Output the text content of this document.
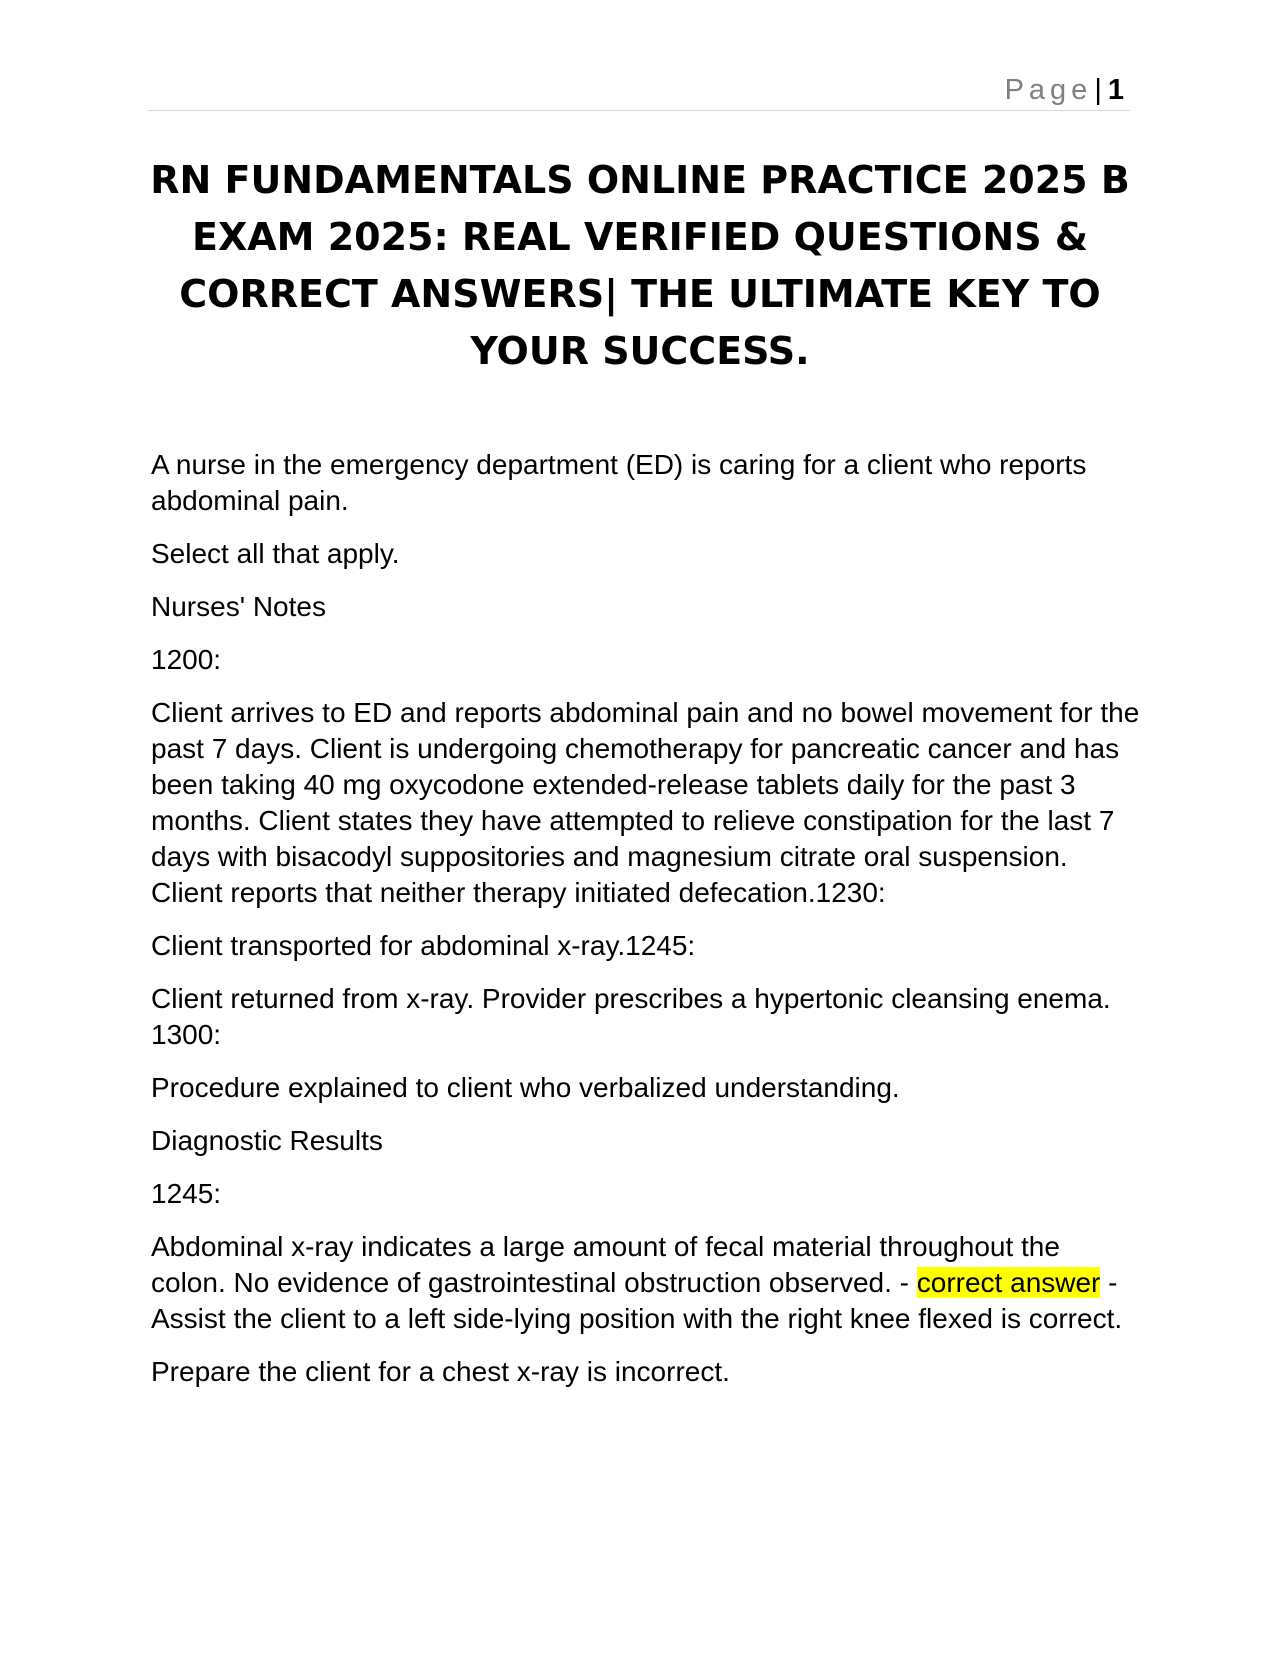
Page| 1
RN FUNDAMENTALS ONLINE PRACTICE 2025 B EXAM 2025: REAL VERIFIED QUESTIONS & CORRECT ANSWERS| THE ULTIMATE KEY TO YOUR SUCCESS.

A nurse in the emergency department (ED) is caring for a client who reports abdominal pain.

Select all that apply.

Nurses' Notes

1200:

Client arrives to ED and reports abdominal pain and no bowel movement for the past 7 days. Client is undergoing chemotherapy for pancreatic cancer and has been taking 40 mg oxycodone extended-release tablets daily for the past 3 months. Client states they have attempted to relieve constipation for the last 7 days with bisacodyl suppositories and magnesium citrate oral suspension. Client reports that neither therapy initiated defecation.1230:

Client transported for abdominal x-ray.1245:

Client returned from x-ray. Provider prescribes a hypertonic cleansing enema. 1300:

Procedure explained to client who verbalized understanding.

Diagnostic Results

1245:

Abdominal x-ray indicates a large amount of fecal material throughout the colon. No evidence of gastrointestinal obstruction observed. - correct answer - Assist the client to a left side-lying position with the right knee flexed is correct.

Prepare the client for a chest x-ray is incorrect.
